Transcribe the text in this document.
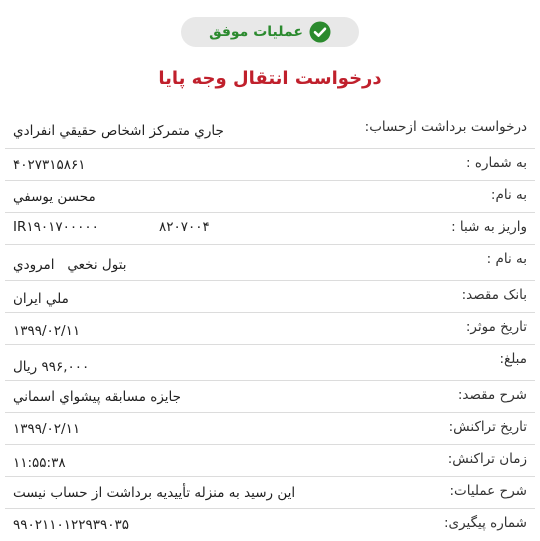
عملیات موفق
درخواست انتقال وجه پایا
درخواست برداشت ازحساب:
جاري متمركز اشخاص حقيقي انفرادي
به شماره :
۴۰۲۷۳۱۵۸۶۱
به نام:
محسن يوسفي
واریز به شبا :
IR۱۹۰۱۷۰۰۰۰۰              ۸۲۰۷۰۰۴
به نام :
بتول نخعي   امرودي
بانک مقصد:
ملي ايران
تاریخ موثر:
۱۳۹۹/۰۲/۱۱
مبلغ:
۹۹۶,۰۰۰ ریال
شرح مقصد:
جایزه مسابقه پیشواي اسماني
تاریخ تراکنش:
۱۳۹۹/۰۲/۱۱
زمان تراکنش:
۱۱:۵۵:۳۸
شرح عملیات:
این رسید به منزله تأییدیه برداشت از حساب نیست
شماره پیگیری:
۹۹۰۲۱۱۰۱۲۲۹۳۹۰۳۵
